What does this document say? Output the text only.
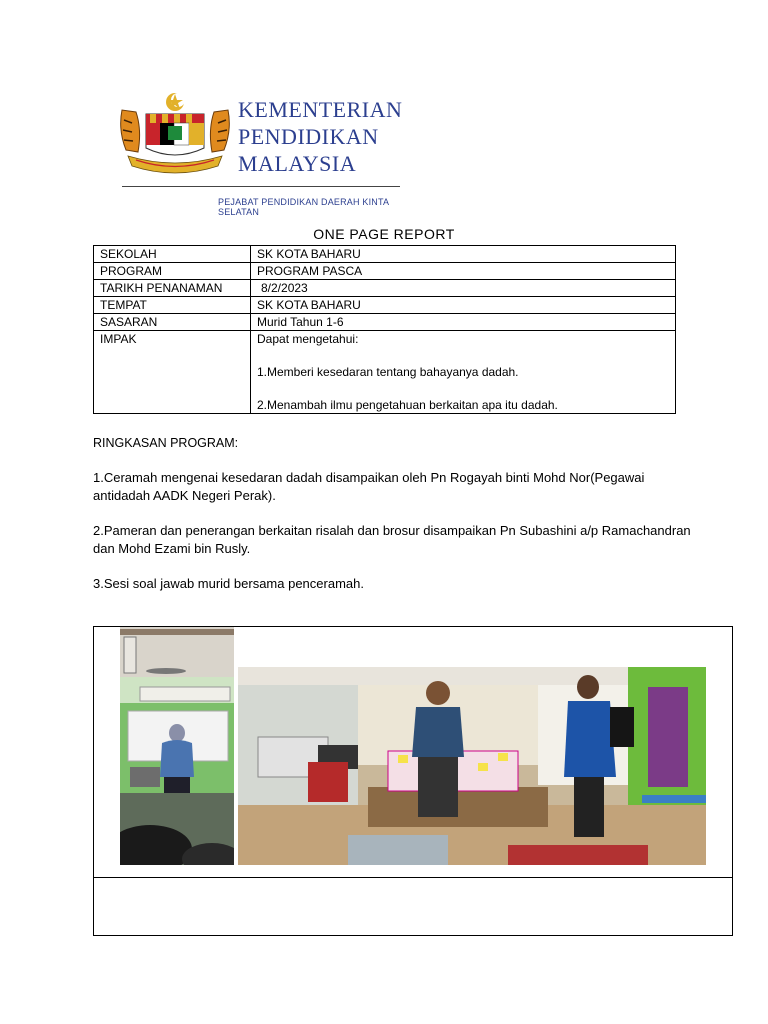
KEMENTERIAN
PENDIDIKAN
MALAYSIA
PEJABAT PENDIDIKAN DAERAH KINTA SELATAN
ONE PAGE REPORT
SEKOLAH	SK KOTA BAHARU
PROGRAM	PROGRAM PASCA
TARIKH PENANAMAN	8/2/2023
TEMPAT	SK KOTA BAHARU
SASARAN	Murid Tahun 1-6
IMPAK	Dapat mengetahui:
1.Memberi kesedaran tentang bahayanya dadah.
2.Menambah ilmu pengetahuan berkaitan apa itu dadah.

RINGKASAN PROGRAM:

1.Ceramah mengenai kesedaran dadah disampaikan oleh Pn Rogayah binti Mohd Nor(Pegawai antidadah AADK Negeri Perak).

2.Pameran dan penerangan berkaitan risalah dan brosur disampaikan Pn Subashini a/p Ramachandran dan Mohd Ezami bin Rusly.

3.Sesi soal jawab murid bersama penceramah.
